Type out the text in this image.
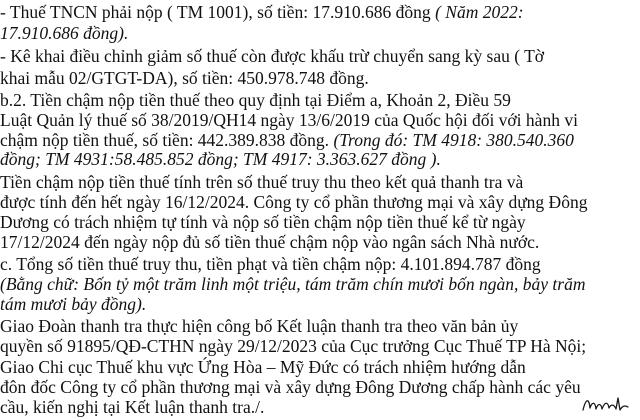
- Thuế TNCN phải nộp ( TM 1001), số tiền: 17.910.686 đồng ( Năm 2022:
17.910.686 đồng).
- Kê khai điều chỉnh giảm số thuế còn được khấu trừ chuyển sang kỳ sau ( Tờ
khai mẫu 02/GTGT-DA), số tiền: 450.978.748 đồng.
b.2. Tiền chậm nộp tiền thuế theo quy định tại Điểm a, Khoản 2, Điều 59
Luật Quản lý thuế số 38/2019/QH14 ngày 13/6/2019 của Quốc hội đối với hành vi
chậm nộp tiền thuế, số tiền: 442.389.838 đồng. (Trong đó: TM 4918: 380.540.360
đồng; TM 4931:58.485.852 đồng; TM 4917: 3.363.627 đồng ).
Tiền chậm nộp tiền thuế tính trên số thuế truy thu theo kết quả thanh tra và
được tính đến hết ngày 16/12/2024. Công ty cổ phần thương mại và xây dựng Đông
Dương có trách nhiệm tự tính và nộp số tiền chậm nộp tiền thuế kể từ ngày
17/12/2024 đến ngày nộp đủ số tiền thuế chậm nộp vào ngân sách Nhà nước.
c. Tổng số tiền thuế truy thu, tiền phạt và tiền chậm nộp: 4.101.894.787 đồng
(Bằng chữ: Bốn tỷ một trăm linh một triệu, tám trăm chín mươi bốn ngàn, bảy trăm
tám mươi bảy đồng).
Giao Đoàn thanh tra thực hiện công bố Kết luận thanh tra theo văn bản ủy
quyền số 91895/QĐ-CTHN ngày 29/12/2023 của Cục trưởng Cục Thuế TP Hà Nội;
Giao Chi cục Thuế khu vực Ứng Hòa – Mỹ Đức có trách nhiệm hướng dẫn
đôn đốc Công ty cổ phần thương mại và xây dựng Đông Dương chấp hành các yêu
cầu, kiến nghị tại Kết luận thanh tra./.
